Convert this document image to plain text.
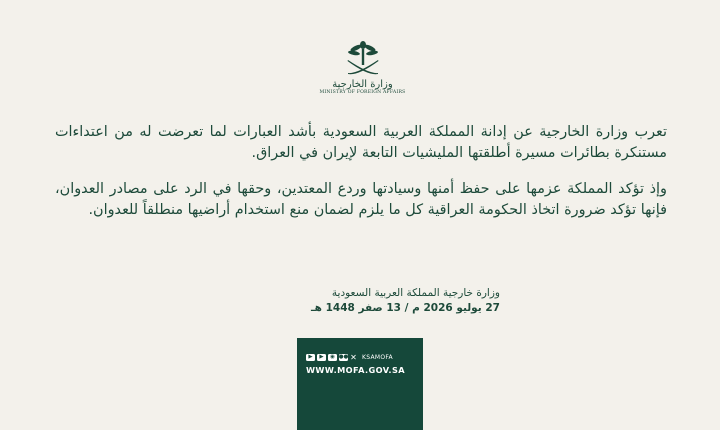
وزارة الخارجية
MINISTRY OF FOREIGN AFFAIRS

تعرب وزارة الخارجية عن إدانة المملكة العربية السعودية بأشد العبارات لما تعرضت له من اعتداءات مستنكرة بطائرات مسيرة أطلقتها المليشيات التابعة لإيران في العراق.

وإذ تؤكد المملكة عزمها على حفظ أمنها وسيادتها وردع المعتدين، وحقها في الرد على مصادر العدوان، فإنها تؤكد ضرورة اتخاذ الحكومة العراقية كل ما يلزم لضمان منع استخدام أراضيها منطلقاً للعدوان.

وزارة خارجية المملكة العربية السعودية
27 يوليو 2026 م / 13 صفر 1448 هـ
▶	▶	◉ ●● ✕ KSAMOFA
WWW.MOFA.GOV.SA
